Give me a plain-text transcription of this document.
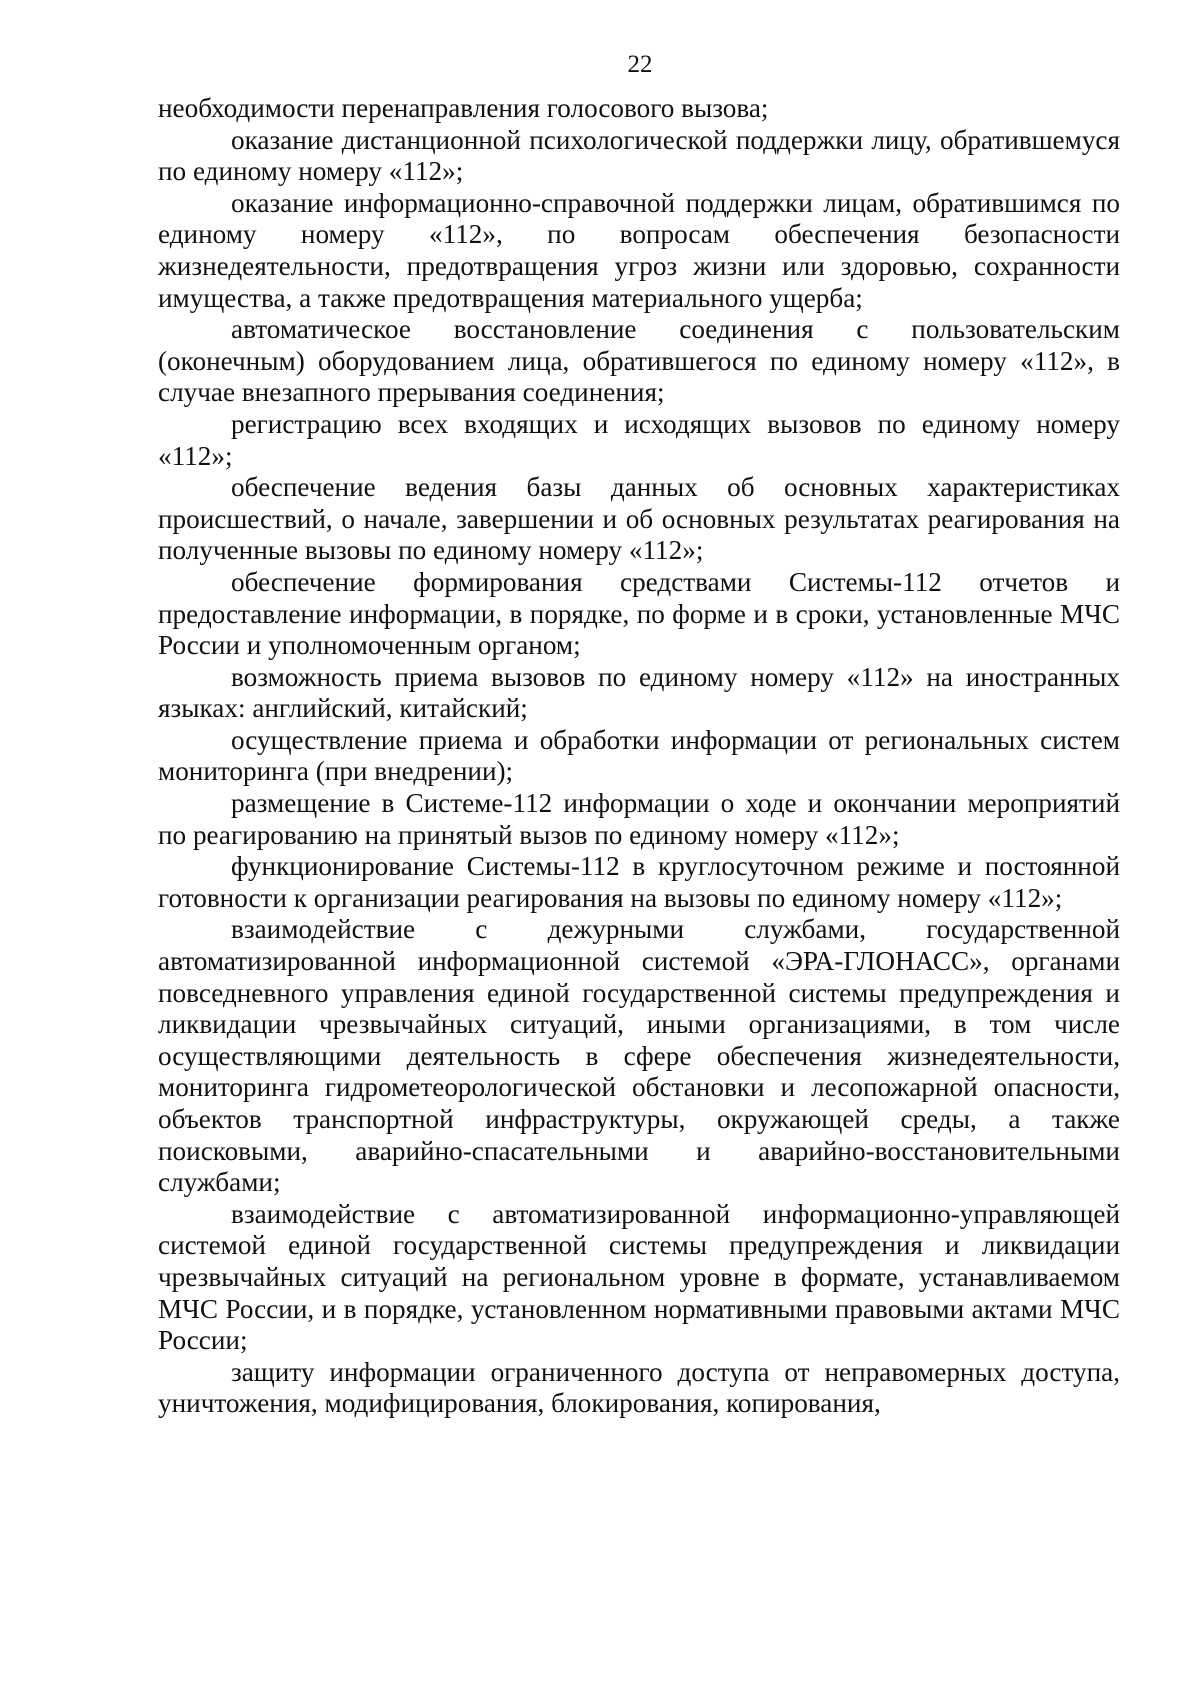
22

необходимости перенаправления голосового вызова;

оказание дистанционной психологической поддержки лицу, обратившемуся по единому номеру «112»;

оказание информационно-справочной поддержки лицам, обратившимся по единому номеру «112», по вопросам обеспечения безопасности жизнедеятельности, предотвращения угроз жизни или здоровью, сохранности имущества, а также предотвращения материального ущерба;

автоматическое восстановление соединения с пользовательским (оконечным) оборудованием лица, обратившегося по единому номеру «112», в случае внезапного прерывания соединения;

регистрацию всех входящих и исходящих вызовов по единому номеру «112»;

обеспечение ведения базы данных об основных характеристиках происшествий, о начале, завершении и об основных результатах реагирования на полученные вызовы по единому номеру «112»;

обеспечение формирования средствами Системы-112 отчетов и предоставление информации, в порядке, по форме и в сроки, установленные МЧС России и уполномоченным органом;

возможность приема вызовов по единому номеру «112» на иностранных языках: английский, китайский;

осуществление приема и обработки информации от региональных систем мониторинга (при внедрении);

размещение в Системе-112 информации о ходе и окончании мероприятий по реагированию на принятый вызов по единому номеру «112»;

функционирование Системы-112 в круглосуточном режиме и постоянной готовности к организации реагирования на вызовы по единому номеру «112»;

взаимодействие с дежурными службами, государственной автоматизированной информационной системой «ЭРА-ГЛОНАСС», органами повседневного управления единой государственной системы предупреждения и ликвидации чрезвычайных ситуаций, иными организациями, в том числе осуществляющими деятельность в сфере обеспечения жизнедеятельности, мониторинга гидрометеорологической обстановки и лесопожарной опасности, объектов транспортной инфраструктуры, окружающей среды, а также поисковыми, аварийно-спасательными и аварийно-восстановительными службами;

взаимодействие с автоматизированной информационно-управляющей системой единой государственной системы предупреждения и ликвидации чрезвычайных ситуаций на региональном уровне в формате, устанавливаемом МЧС России, и в порядке, установленном нормативными правовыми актами МЧС России;

защиту информации ограниченного доступа от неправомерных доступа, уничтожения, модифицирования, блокирования, копирования,
